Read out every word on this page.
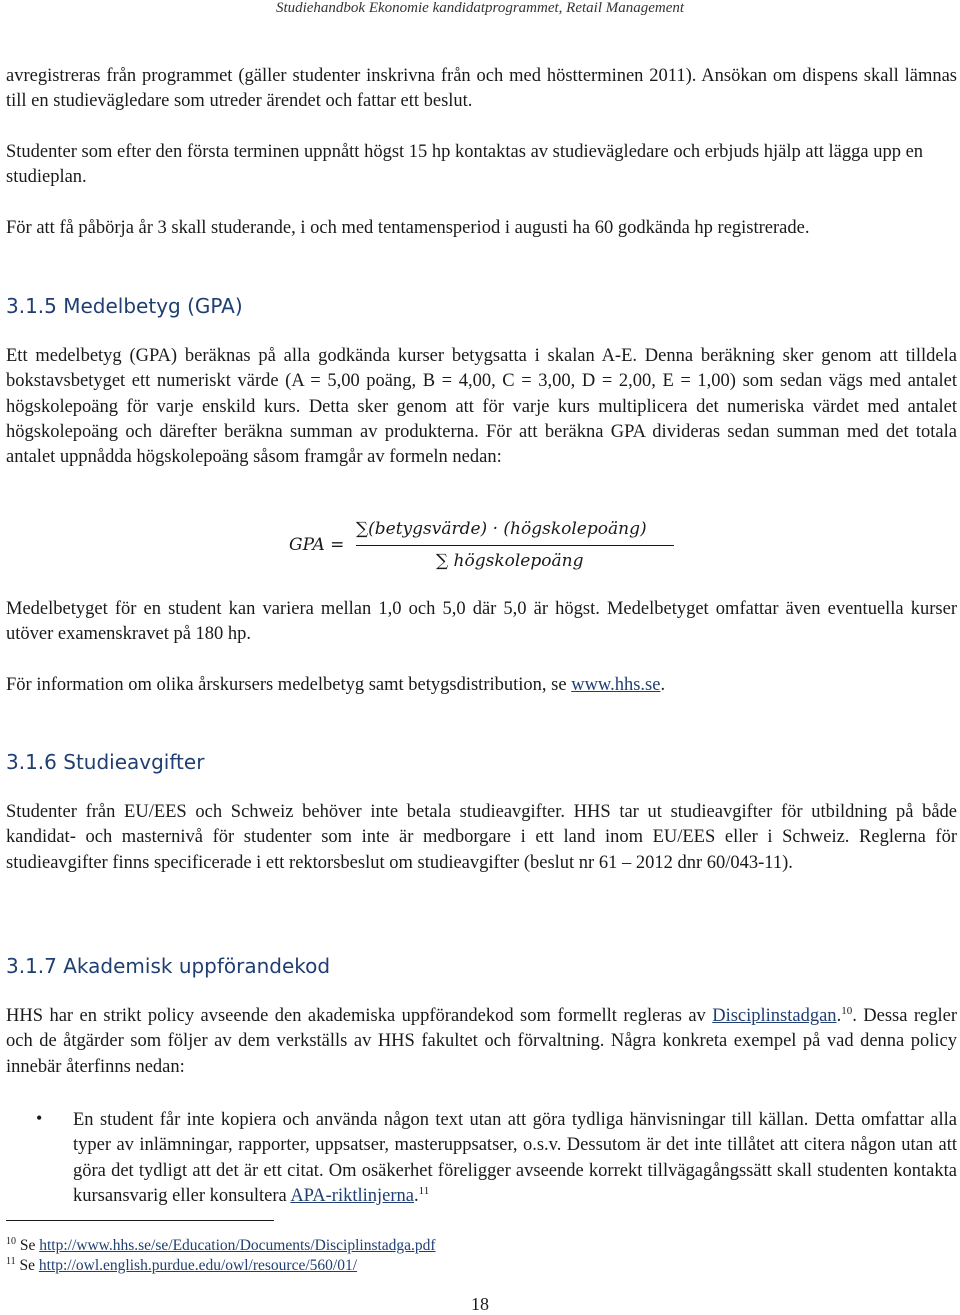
Studiehandbok Ekonomie kandidatprogrammet, Retail Management

avregistreras från programmet (gäller studenter inskrivna från och med höstterminen 2011). Ansökan om dispens skall lämnas till en studievägledare som utreder ärendet och fattar ett beslut.

Studenter som efter den första terminen uppnått högst 15 hp kontaktas av studievägledare och erbjuds hjälp att lägga upp en studieplan.

För att få påbörja år 3 skall studerande, i och med tentamensperiod i augusti ha 60 godkända hp registrerade.

3.1.5 Medelbetyg (GPA)

Ett medelbetyg (GPA) beräknas på alla godkända kurser betygsatta i skalan A-E. Denna beräkning sker genom att tilldela bokstavsbetyget ett numeriskt värde (A = 5,00 poäng, B = 4,00, C = 3,00, D = 2,00, E = 1,00) som sedan vägs med antalet högskolepoäng för varje enskild kurs. Detta sker genom att för varje kurs multiplicera det numeriska värdet med antalet högskolepoäng och därefter beräkna summan av produkterna. För att beräkna GPA divideras sedan summan med det totala antalet uppnådda högskolepoäng såsom framgår av formeln nedan:

GPA =
∑(betygsvärde) · (högskolepoäng)
∑ högskolepoäng

Medelbetyget för en student kan variera mellan 1,0 och 5,0 där 5,0 är högst. Medelbetyget omfattar även eventuella kurser utöver examenskravet på 180 hp.

För information om olika årskursers medelbetyg samt betygsdistribution, se www.hhs.se.

3.1.6 Studieavgifter

Studenter från EU/EES och Schweiz behöver inte betala studieavgifter. HHS tar ut studieavgifter för utbildning på både kandidat- och masternivå för studenter som inte är medborgare i ett land inom EU/EES eller i Schweiz. Reglerna för studieavgifter finns specificerade i ett rektorsbeslut om studieavgifter (beslut nr 61 – 2012 dnr 60/043-11).

3.1.7 Akademisk uppförandekod

HHS har en strikt policy avseende den akademiska uppförandekod som formellt regleras av Disciplinstadgan.$^{10}$. Dessa regler och de åtgärder som följer av dem verkställs av HHS fakultet och förvaltning. Några konkreta exempel på vad denna policy innebär återfinns nedan:

• En student får inte kopiera och använda någon text utan att göra tydliga hänvisningar till källan. Detta omfattar alla typer av inlämningar, rapporter, uppsatser, masteruppsatser, o.s.v. Dessutom är det inte tillåtet att citera någon utan att göra det tydligt att det är ett citat. Om osäkerhet föreligger avseende korrekt tillvägagångssätt skall studenten kontakta kursansvarig eller konsultera APA-riktlinjerna.$^{11}$

$^{10}$ Se http://www.hhs.se/se/Education/Documents/Disciplinstadga.pdf
$^{11}$ Se http://owl.english.purdue.edu/owl/resource/560/01/
18
